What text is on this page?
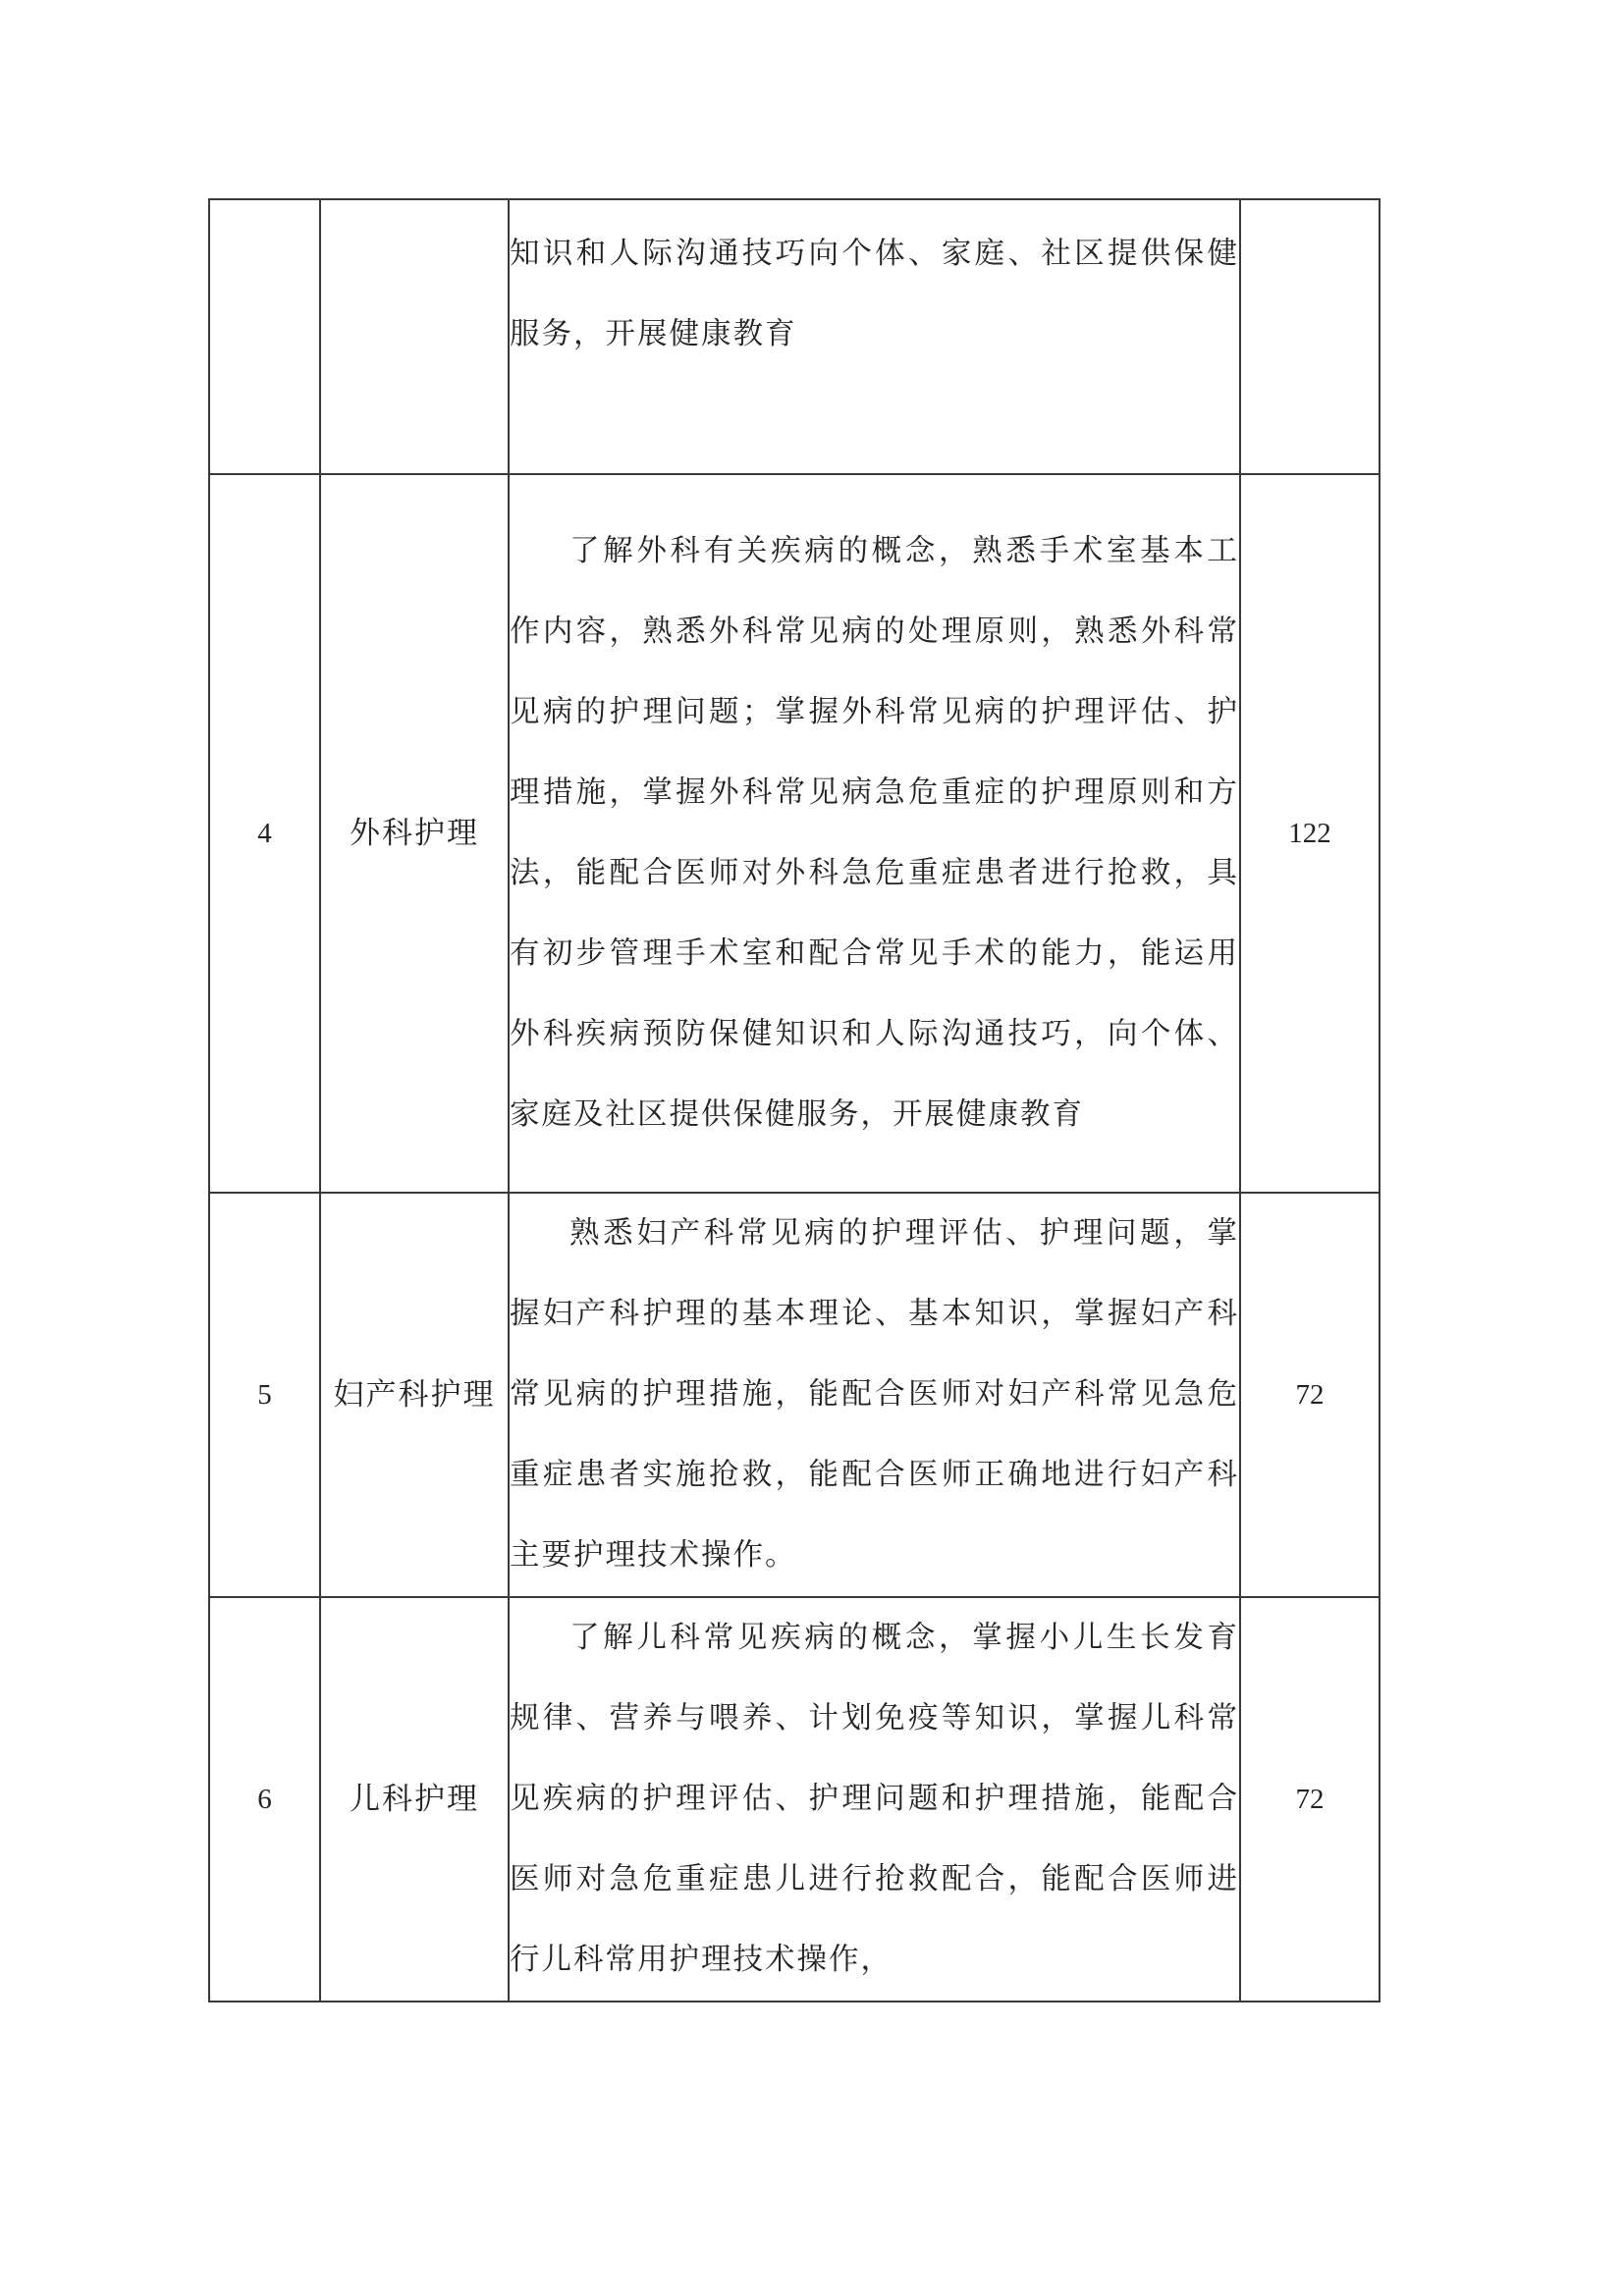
		知识和人际沟通技巧向个体、家庭、社区提供保健服务，开展健康教育	

4	外科护理	了解外科有关疾病的概念，熟悉手术室基本工作内容，熟悉外科常见病的处理原则，熟悉外科常见病的护理问题；掌握外科常见病的护理评估、护理措施，掌握外科常见病急危重症的护理原则和方法，能配合医师对外科急危重症患者进行抢救，具有初步管理手术室和配合常见手术的能力，能运用外科疾病预防保健知识和人际沟通技巧，向个体、家庭及社区提供保健服务，开展健康教育	122
5	妇产科护理	熟悉妇产科常见病的护理评估、护理问题，掌握妇产科护理的基本理论、基本知识，掌握妇产科常见病的护理措施，能配合医师对妇产科常见急危重症患者实施抢救，能配合医师正确地进行妇产科主要护理技术操作。	72
6	儿科护理	了解儿科常见疾病的概念，掌握小儿生长发育规律、营养与喂养、计划免疫等知识，掌握儿科常见疾病的护理评估、护理问题和护理措施，能配合医师对急危重症患儿进行抢救配合，能配合医师进行儿科常用护理技术操作，	72
